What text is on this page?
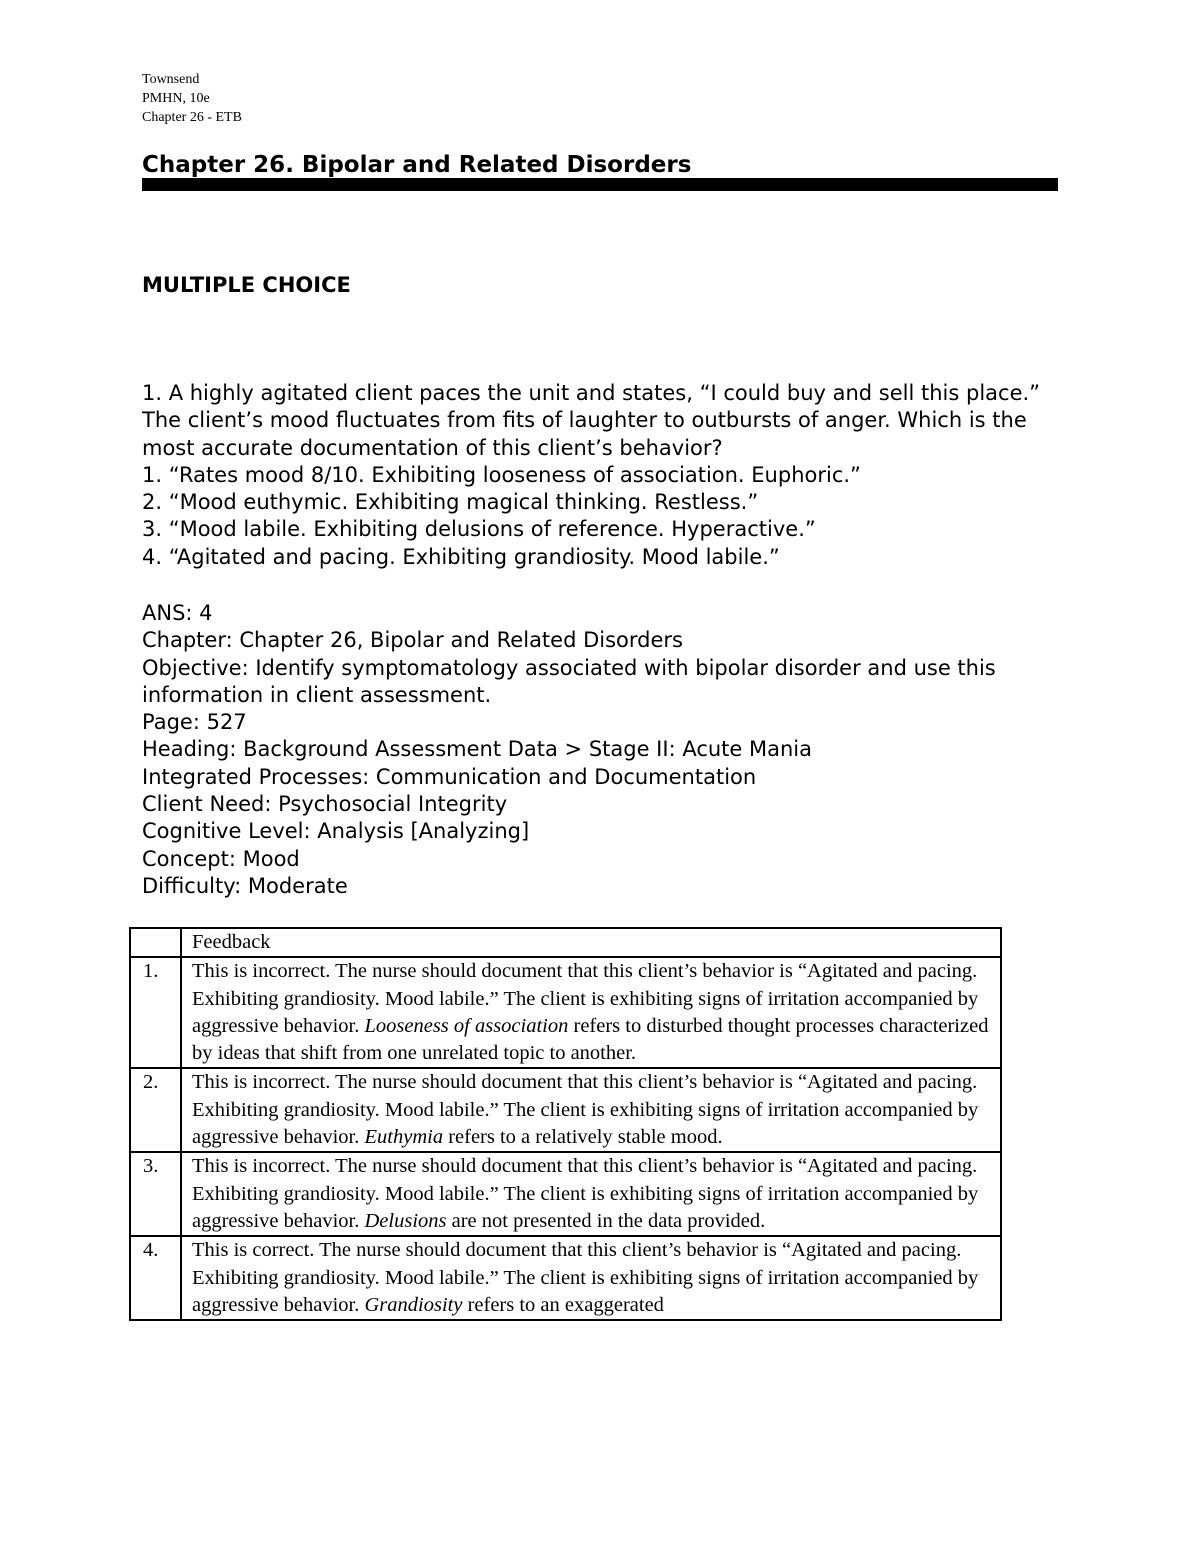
Townsend
PMHN, 10e
Chapter 26 - ETB
Chapter 26. Bipolar and Related Disorders
MULTIPLE CHOICE

1. A highly agitated client paces the unit and states, “I could buy and sell this place.” The client’s mood fluctuates from fits of laughter to outbursts of anger. Which is the most accurate documentation of this client’s behavior?

1. “Rates mood 8/10. Exhibiting looseness of association. Euphoric.”

2. “Mood euthymic. Exhibiting magical thinking. Restless.”

3. “Mood labile. Exhibiting delusions of reference. Hyperactive.”

4. “Agitated and pacing. Exhibiting grandiosity. Mood labile.”

ANS: 4
Chapter: Chapter 26, Bipolar and Related Disorders
Objective: Identify symptomatology associated with bipolar disorder and use this information in client assessment.
Page: 527
Heading: Background Assessment Data > Stage II: Acute Mania
Integrated Processes: Communication and Documentation
Client Need: Psychosocial Integrity
Cognitive Level: Analysis [Analyzing]
Concept: Mood
Difficulty: Moderate
	Feedback
1.	This is incorrect. The nurse should document that this client’s behavior is “Agitated and pacing. Exhibiting grandiosity. Mood labile.” The client is exhibiting signs of irritation accompanied by aggressive behavior. Looseness of association refers to disturbed thought processes characterized by ideas that shift from one unrelated topic to another.
2.	This is incorrect. The nurse should document that this client’s behavior is “Agitated and pacing. Exhibiting grandiosity. Mood labile.” The client is exhibiting signs of irritation accompanied by aggressive behavior. Euthymia refers to a relatively stable mood.
3.	This is incorrect. The nurse should document that this client’s behavior is “Agitated and pacing. Exhibiting grandiosity. Mood labile.” The client is exhibiting signs of irritation accompanied by aggressive behavior. Delusions are not presented in the data provided.
4.	This is correct. The nurse should document that this client’s behavior is “Agitated and pacing. Exhibiting grandiosity. Mood labile.” The client is exhibiting signs of irritation accompanied by aggressive behavior. Grandiosity refers to an exaggerated
